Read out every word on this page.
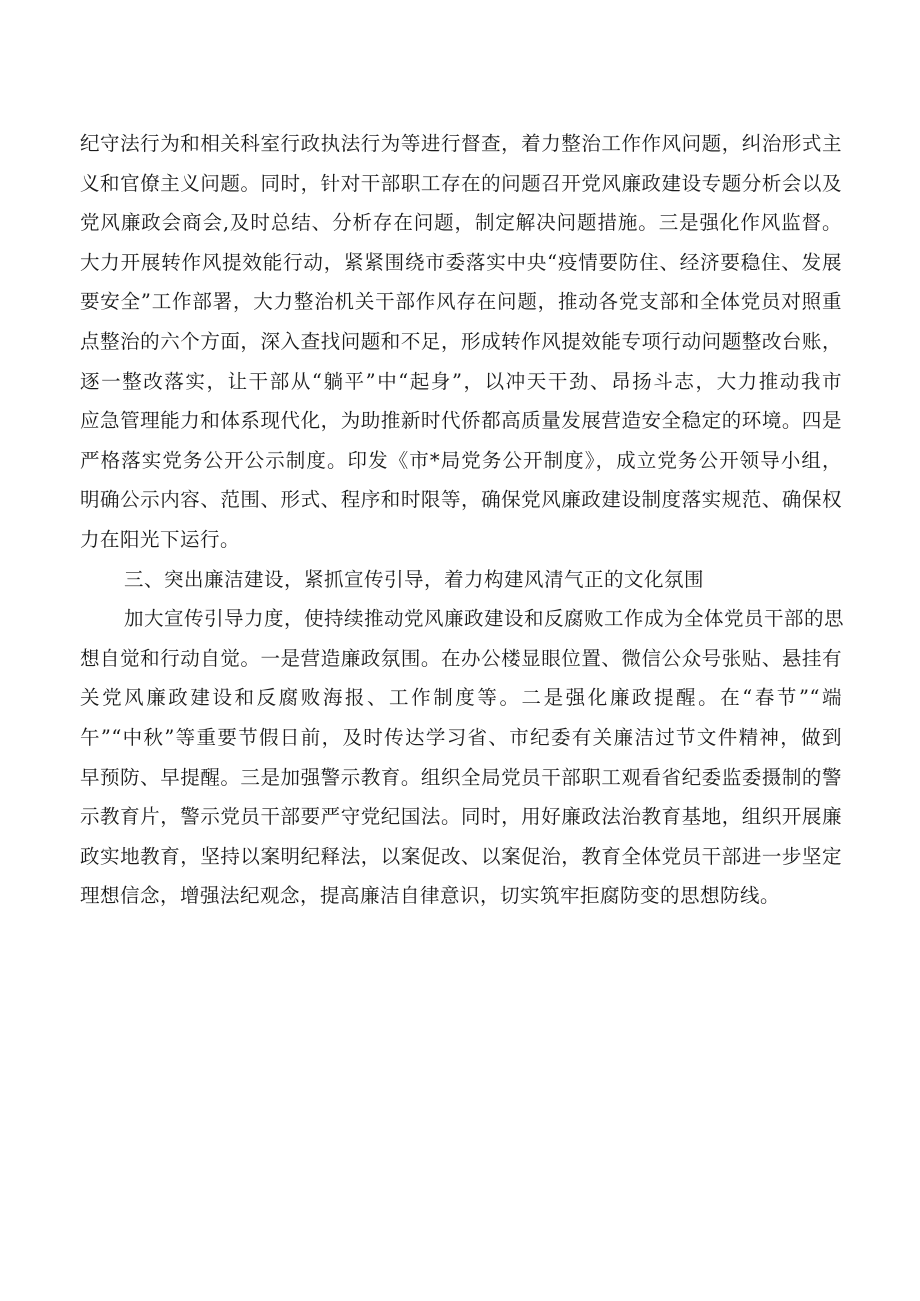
纪守法行为和相关科室行政执法行为等进行督查，着力整治工作作风问题，纠治形式主
义和官僚主义问题。同时，针对干部职工存在的问题召开党风廉政建设专题分析会以及
党风廉政会商会,及时总结、分析存在问题，制定解决问题措施。三是强化作风监督。
大力开展转作风提效能行动，紧紧围绕市委落实中央“疫情要防住、经济要稳住、发展
要安全”工作部署，大力整治机关干部作风存在问题，推动各党支部和全体党员对照重
点整治的六个方面，深入查找问题和不足，形成转作风提效能专项行动问题整改台账，
逐一整改落实，让干部从“躺平”中“起身”，以冲天干劲、昂扬斗志，大力推动我市
应急管理能力和体系现代化，为助推新时代侨都高质量发展营造安全稳定的环境。四是
严格落实党务公开公示制度。印发《市*局党务公开制度》，成立党务公开领导小组，
明确公示内容、范围、形式、程序和时限等，确保党风廉政建设制度落实规范、确保权
力在阳光下运行。
三、突出廉洁建设，紧抓宣传引导，着力构建风清气正的文化氛围
加大宣传引导力度，使持续推动党风廉政建设和反腐败工作成为全体党员干部的思
想自觉和行动自觉。一是营造廉政氛围。在办公楼显眼位置、微信公众号张贴、悬挂有
关党风廉政建设和反腐败海报、工作制度等。二是强化廉政提醒。在“春节”“端
午”“中秋”等重要节假日前，及时传达学习省、市纪委有关廉洁过节文件精神，做到
早预防、早提醒。三是加强警示教育。组织全局党员干部职工观看省纪委监委摄制的警
示教育片，警示党员干部要严守党纪国法。同时，用好廉政法治教育基地，组织开展廉
政实地教育，坚持以案明纪释法，以案促改、以案促治，教育全体党员干部进一步坚定
理想信念，增强法纪观念，提高廉洁自律意识，切实筑牢拒腐防变的思想防线。
